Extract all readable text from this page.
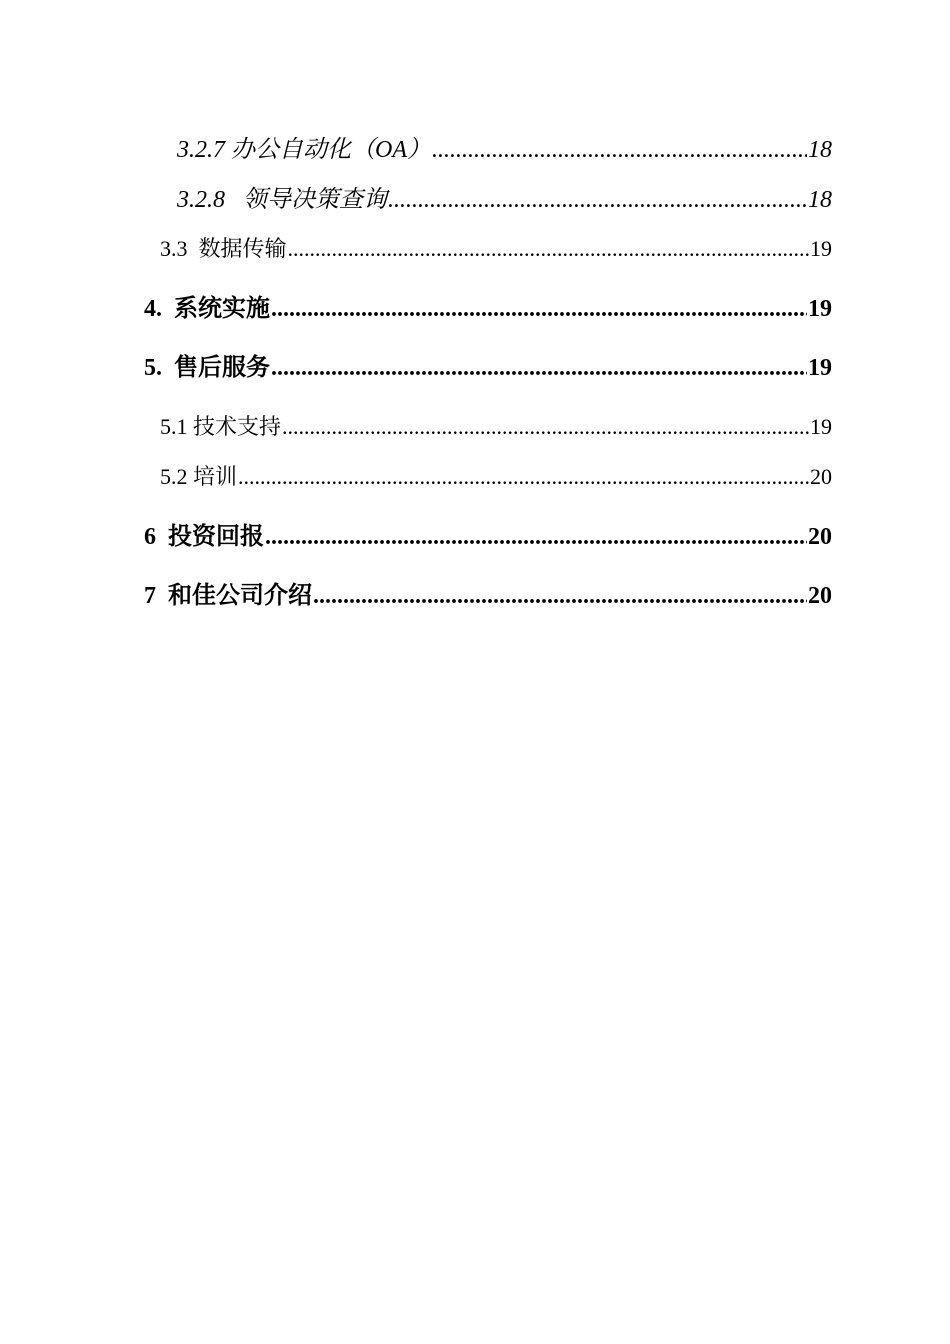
3.2.7 办公自动化（OA） .....	18
3.2.8   领导决策查询 .....	18
3.3  数据传输 .....	19
4.  系统实施 .....	19
5.  售后服务 .....	19
5.1 技术支持 .....	19
5.2 培训 .....	20
6  投资回报 .....	20
7  和佳公司介绍 .....	20
